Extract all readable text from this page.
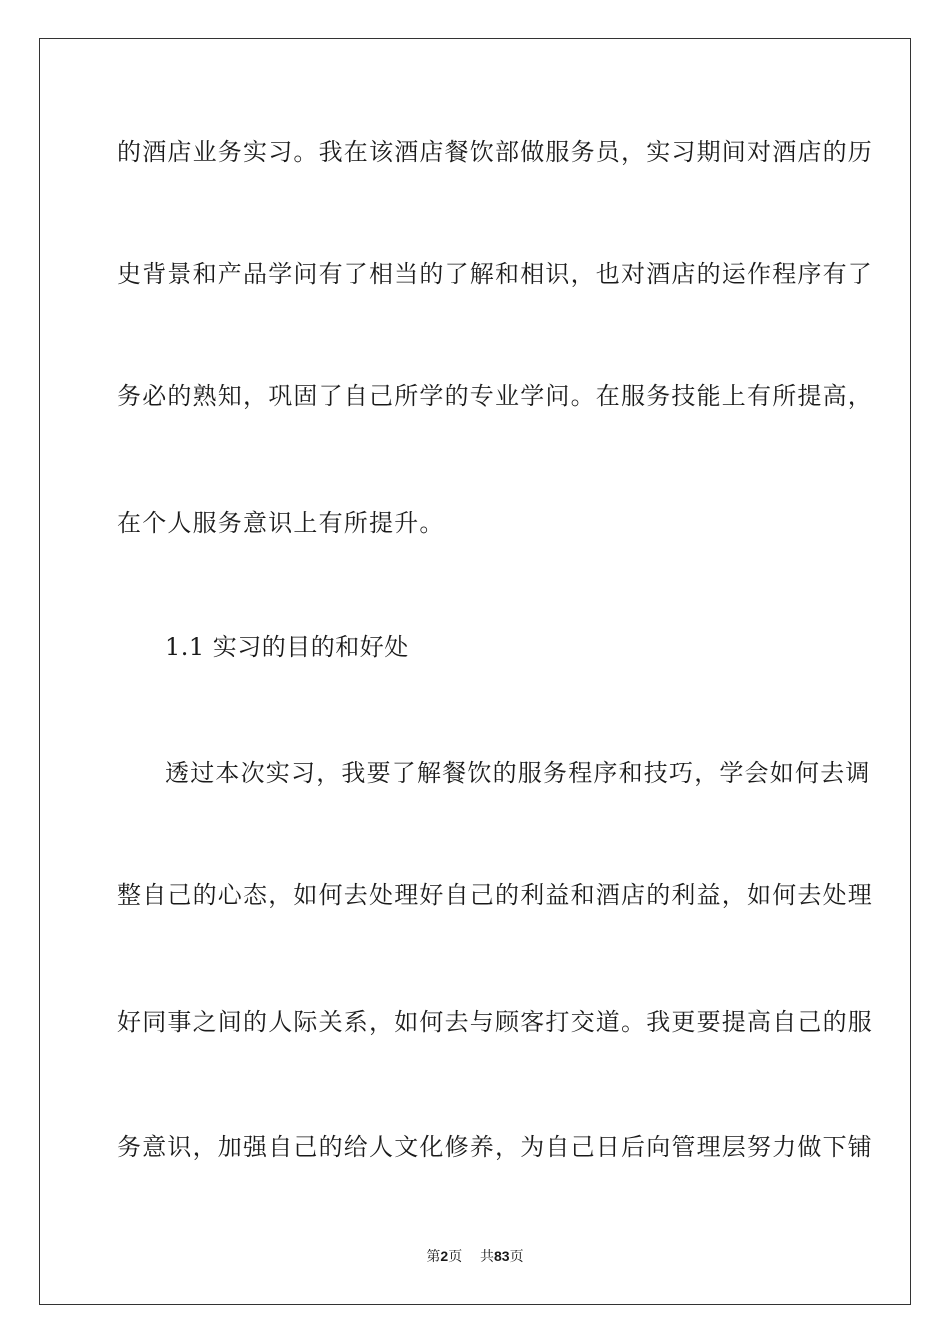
的酒店业务实习。我在该酒店餐饮部做服务员，实习期间对酒店的历
史背景和产品学问有了相当的了解和相识，也对酒店的运作程序有了
务必的熟知，巩固了自己所学的专业学问。在服务技能上有所提高，
在个人服务意识上有所提升。
1.1 实习的目的和好处
透过本次实习，我要了解餐饮的服务程序和技巧，学会如何去调
整自己的心态，如何去处理好自己的利益和酒店的利益，如何去处理
好同事之间的人际关系，如何去与顾客打交道。我更要提高自己的服
务意识，加强自己的给人文化修养，为自己日后向管理层努力做下铺
第2页 共83页
